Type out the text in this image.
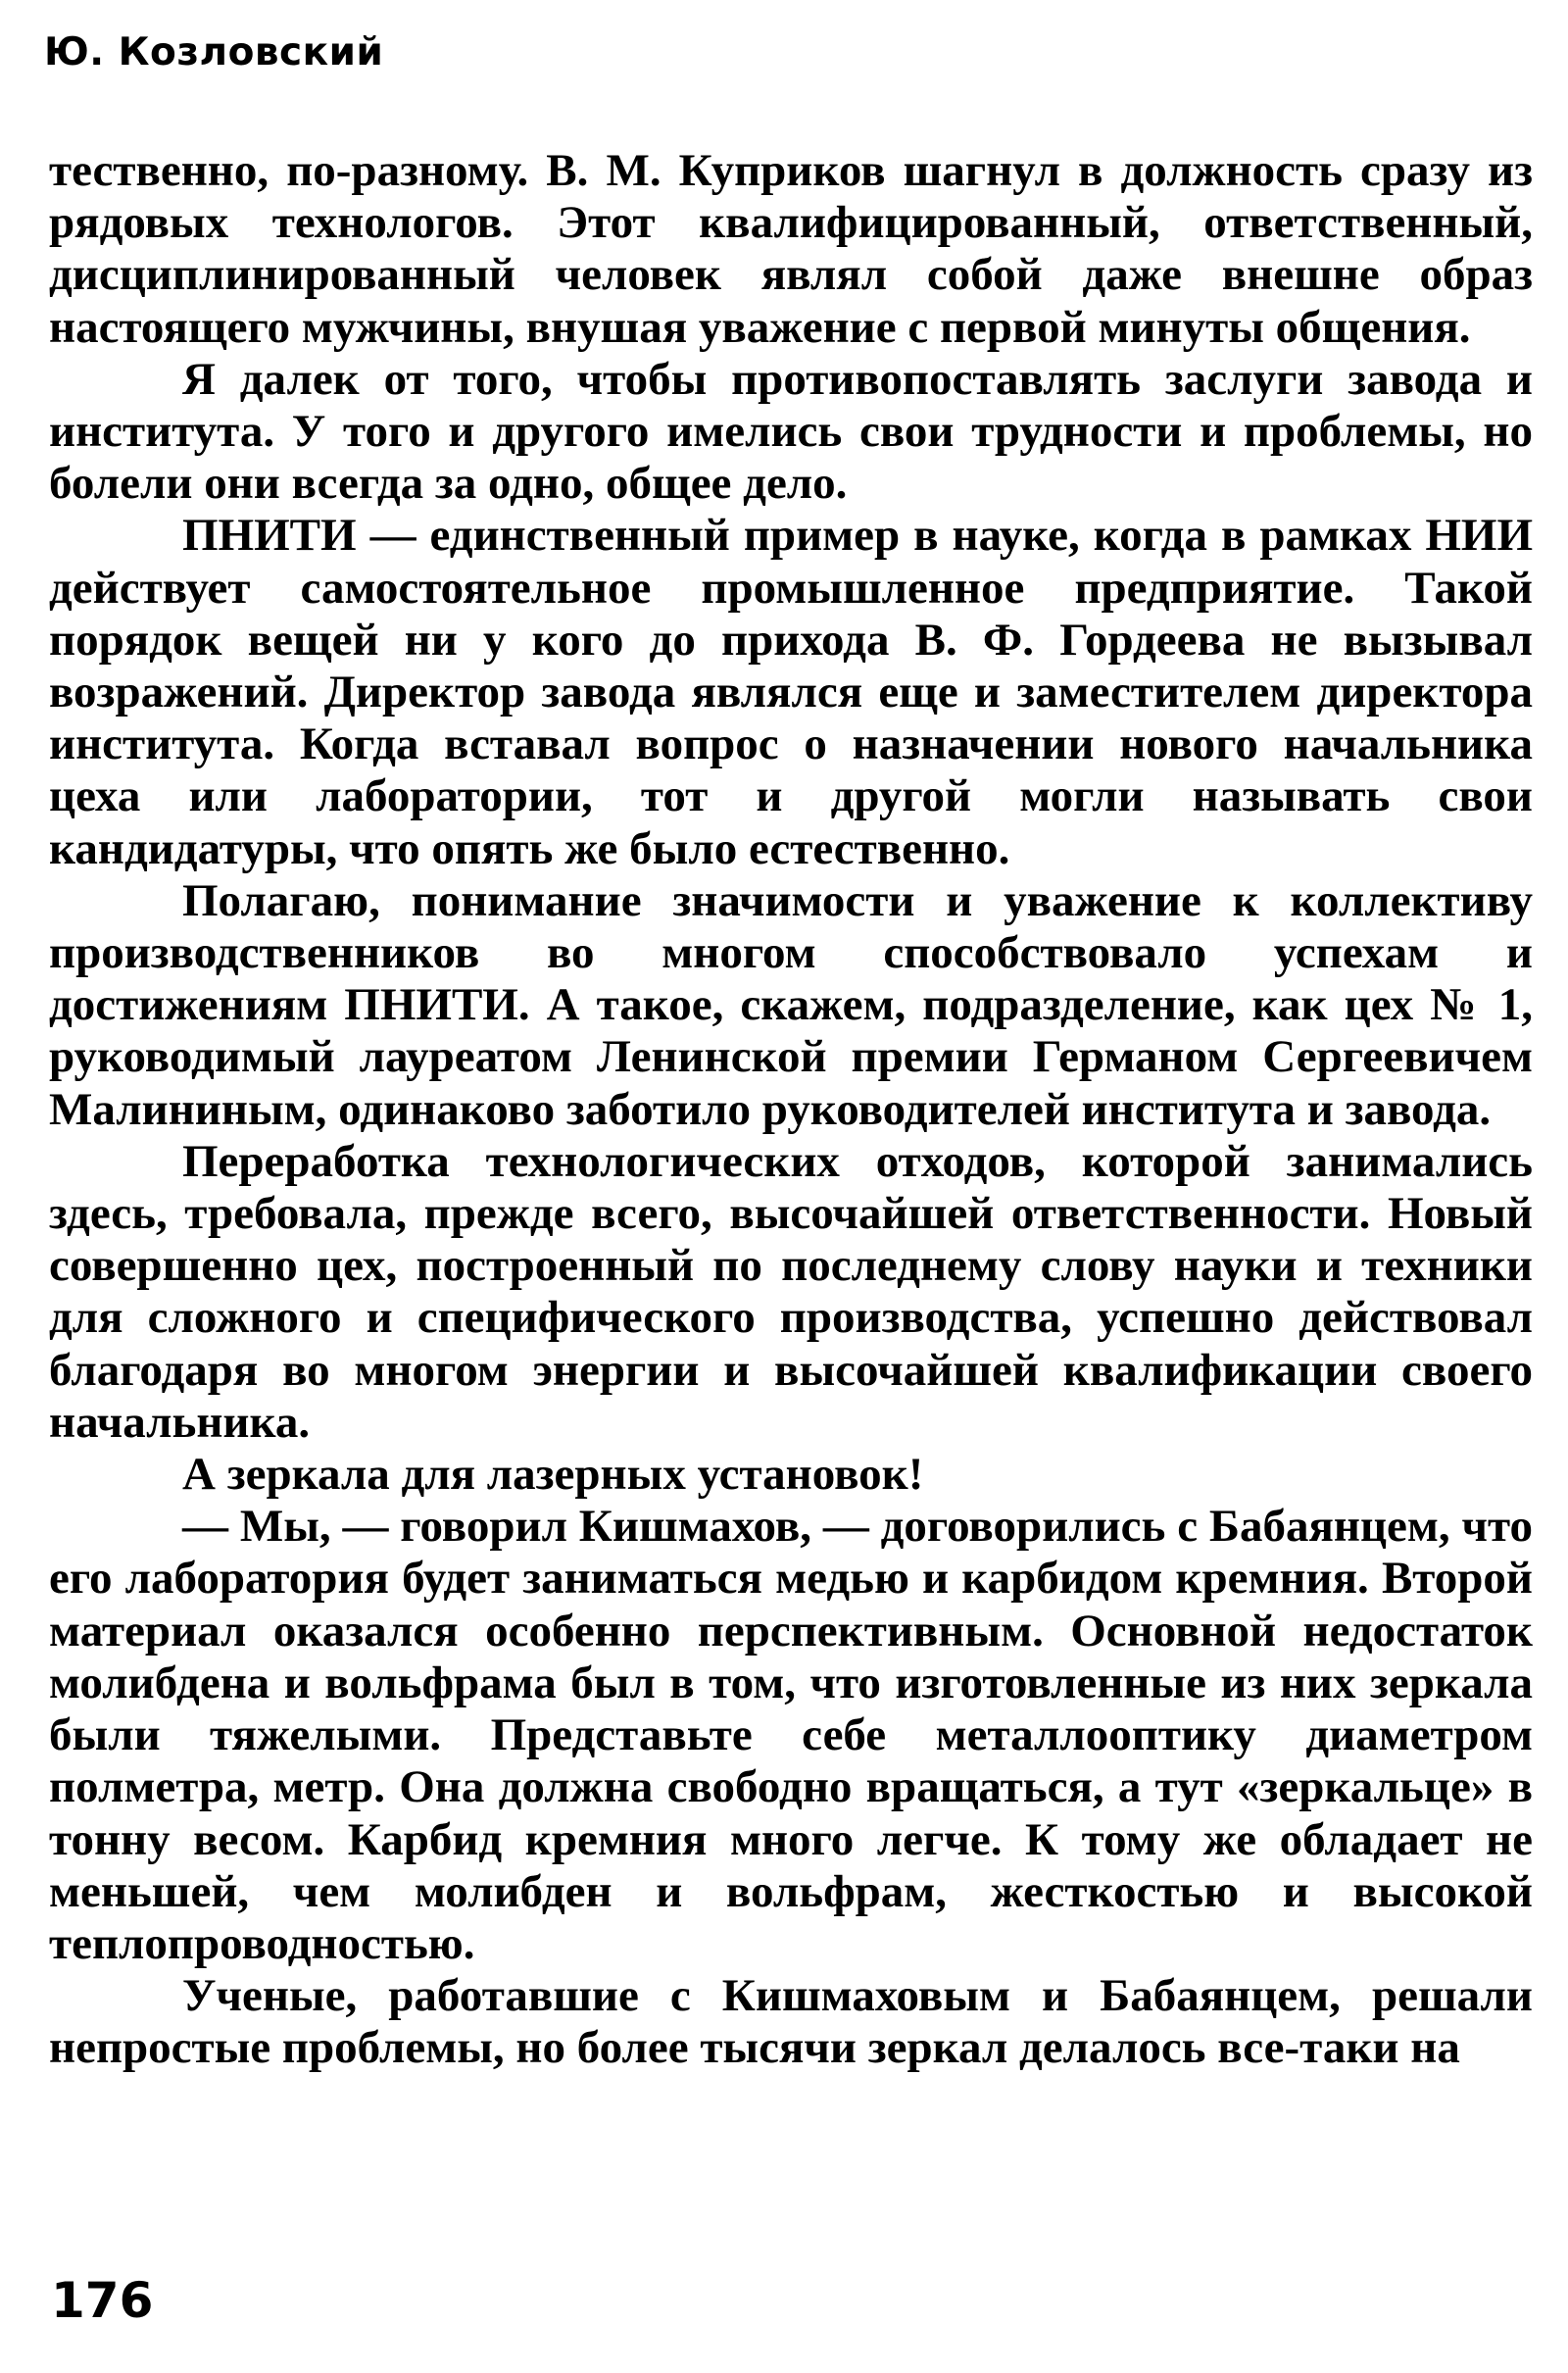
Ю. Козловский

тественно, по-разному. В. М. Куприков шагнул в должность сразу из рядовых технологов. Этот квалифицированный, ответственный, дисциплинированный человек являл собой даже внешне образ настоящего мужчины, внушая уважение с первой минуты общения.

Я далек от того, чтобы противопоставлять заслуги завода и института. У того и другого имелись свои трудности и проблемы, но болели они всегда за одно, общее дело.

ПНИТИ — единственный пример в науке, когда в рамках НИИ действует самостоятельное промышленное предприятие. Такой порядок вещей ни у кого до прихода В. Ф. Гордеева не вызывал возражений. Директор завода являлся еще и заместителем директора института. Когда вставал вопрос о назначении нового начальника цеха или лаборатории, тот и другой могли называть свои кандидатуры, что опять же было естественно.

Полагаю, понимание значимости и уважение к коллективу производственников во многом способствовало успехам и достижениям ПНИТИ. А такое, скажем, подразделение, как цех № 1, руководимый лауреатом Ленинской премии Германом Сергеевичем Малининым, одинаково заботило руководителей института и завода.

Переработка технологических отходов, которой занимались здесь, требовала, прежде всего, высочайшей ответственности. Новый совершенно цех, построенный по последнему слову науки и техники для сложного и специфического производства, успешно действовал благодаря во многом энергии и высочайшей квалификации своего начальника.

А зеркала для лазерных установок!

— Мы, — говорил Кишмахов, — договорились с Бабаянцем, что его лаборатория будет заниматься медью и карбидом кремния. Второй материал оказался особенно перспективным. Основной недостаток молибдена и вольфрама был в том, что изготовленные из них зеркала были тяжелыми. Представьте себе металлооптику диаметром полметра, метр. Она должна свободно вращаться, а тут «зеркальце» в тонну весом. Карбид кремния много легче. К тому же обладает не меньшей, чем молибден и вольфрам, жесткостью и высокой теплопроводностью.

Ученые, работавшие с Кишмаховым и Бабаянцем, решали непростые проблемы, но более тысячи зеркал делалось все-таки на

176
